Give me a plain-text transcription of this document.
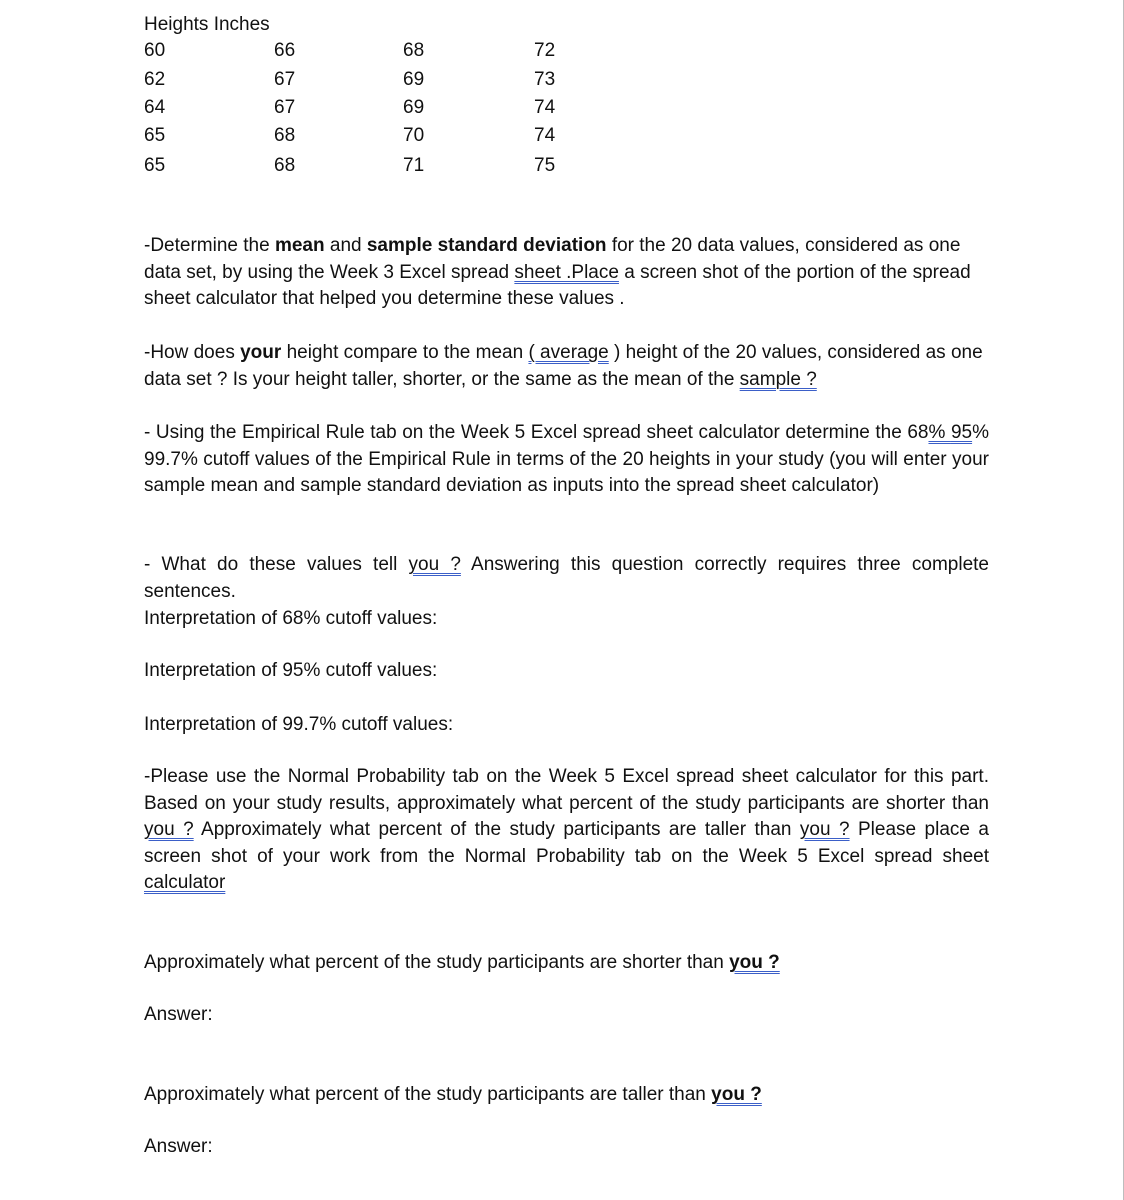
Heights Inches
60
62
64
65
65
66
67
67
68
68
68
69
69
70
71
72
73
74
74
75
-Determine the mean and sample standard deviation for the 20 data values, considered as one data set, by using the Week 3 Excel spread sheet .Place a screen shot of the portion of the spread sheet calculator that helped you determine these values .
-How does your height compare to the mean ( average ) height of the 20 values, considered as one data set ? Is your height taller, shorter, or the same as the mean of the sample ?
- Using the Empirical Rule tab on the Week 5 Excel spread sheet calculator determine the 68% 95% 99.7% cutoff values of the Empirical Rule in terms of the 20 heights in your study (you will enter your sample mean and sample standard deviation as inputs into the spread sheet calculator)
- What do these values tell you ? Answering this question correctly requires three complete sentences.
Interpretation of 68% cutoff values:
Interpretation of 95% cutoff values:
Interpretation of 99.7% cutoff values:
-Please use the Normal Probability tab on the Week 5 Excel spread sheet calculator for this part. Based on your study results, approximately what percent of the study participants are shorter than you ? Approximately what percent of the study participants are taller than you ? Please place a screen shot of your work from the Normal Probability tab on the Week 5 Excel spread sheet calculator
Approximately what percent of the study participants are shorter than you ?
Answer:
Approximately what percent of the study participants are taller than you ?
Answer:
